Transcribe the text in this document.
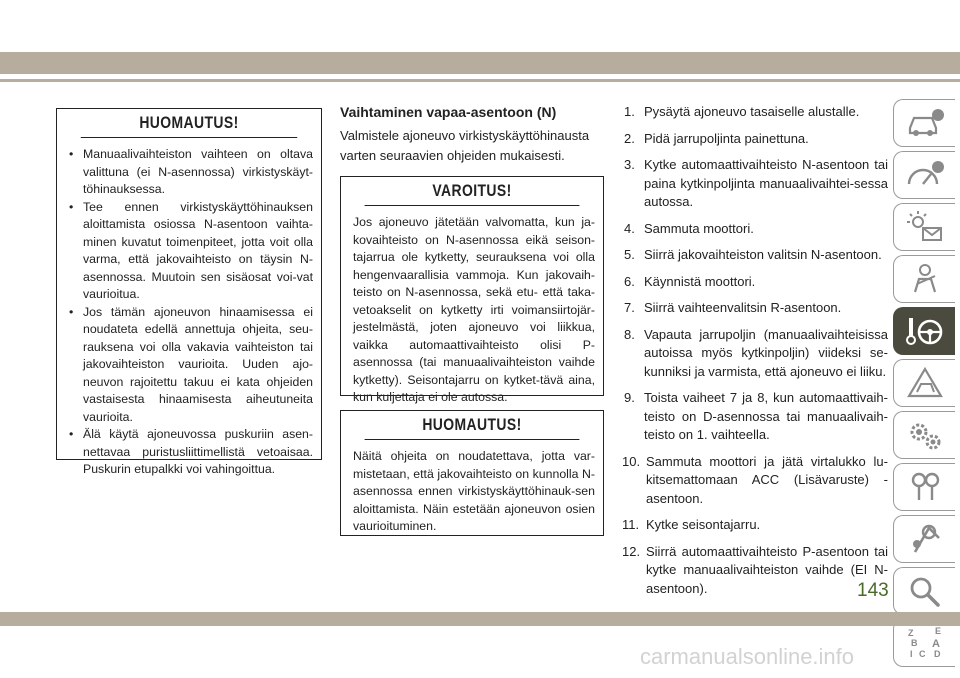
HUOMAUTUS!
• Manuaalivaihteiston vaihteen on oltava valittuna (ei N-asennossa) virkistyskäyt-töhinauksessa.
• Tee ennen virkistyskäyttöhinauksen aloittamista osiossa N-asentoon vaihta-minen kuvatut toimenpiteet, jotta voit olla varma, että jakovaihteisto on täysin N-asennossa. Muutoin sen sisäosat voi-vat vaurioitua.
• Jos tämän ajoneuvon hinaamisessa ei noudateta edellä annettuja ohjeita, seu-rauksena voi olla vakavia vaihteiston tai jakovaihteiston vaurioita. Uuden ajo-neuvon rajoitettu takuu ei kata ohjeiden vastaisesta hinaamisesta aiheutuneita vaurioita.
• Älä käytä ajoneuvossa puskuriin asen-nettavaa puristusliittimellistä vetoaisaa. Puskurin etupalkki voi vahingoittua.
Vaihtaminen vapaa-asentoon (N)
Valmistele ajoneuvo virkistyskäyttöhinausta varten seuraavien ohjeiden mukaisesti.
VAROITUS!
Jos ajoneuvo jätetään valvomatta, kun ja-kovaihteisto on N-asennossa eikä seison-tajarrua ole kytketty, seurauksena voi olla hengenvaarallisia vammoja. Kun jakovaih-teisto on N-asennossa, sekä etu- että taka-vetoakselit on kytketty irti voimansiirtojär-jestelmästä, joten ajoneuvo voi liikkua, vaikka automaattivaihteisto olisi P-asennossa (tai manuaalivaihteiston vaihde kytketty). Seisontajarru on kytket-tävä aina, kun kuljettaja ei ole autossa.
HUOMAUTUS!
Näitä ohjeita on noudatettava, jotta var-mistetaan, että jakovaihteisto on kunnolla N-asennossa ennen virkistyskäyttöhinauk-sen aloittamista. Näin estetään ajoneuvon osien vaurioituminen.
1. Pysäytä ajoneuvo tasaiselle alustalle.
2. Pidä jarrupoljinta painettuna.
3. Kytke automaattivaihteisto N-asentoon tai paina kytkinpoljinta manuaalivaihtei-sessa autossa.
4. Sammuta moottori.
5. Siirrä jakovaihteiston valitsin N-asentoon.
6. Käynnistä moottori.
7. Siirrä vaihteenvalitsin R-asentoon.
8. Vapauta jarrupoljin (manuaalivaihteisissa autoissa myös kytkinpoljin) viideksi se-kunniksi ja varmista, että ajoneuvo ei liiku.
9. Toista vaiheet 7 ja 8, kun automaattivaih-teisto on D-asennossa tai manuaalivaih-teisto on 1. vaihteella.
10. Sammuta moottori ja jätä virtalukko lu-kitsemattomaan ACC (Lisävaruste) -asentoon.
11. Kytke seisontajarru.
12. Siirrä automaattivaihteisto P-asentoon tai kytke manuaalivaihteiston vaihde (EI N-asentoon).
Z E
B A
C D
I
143
carmanualsonline.info
